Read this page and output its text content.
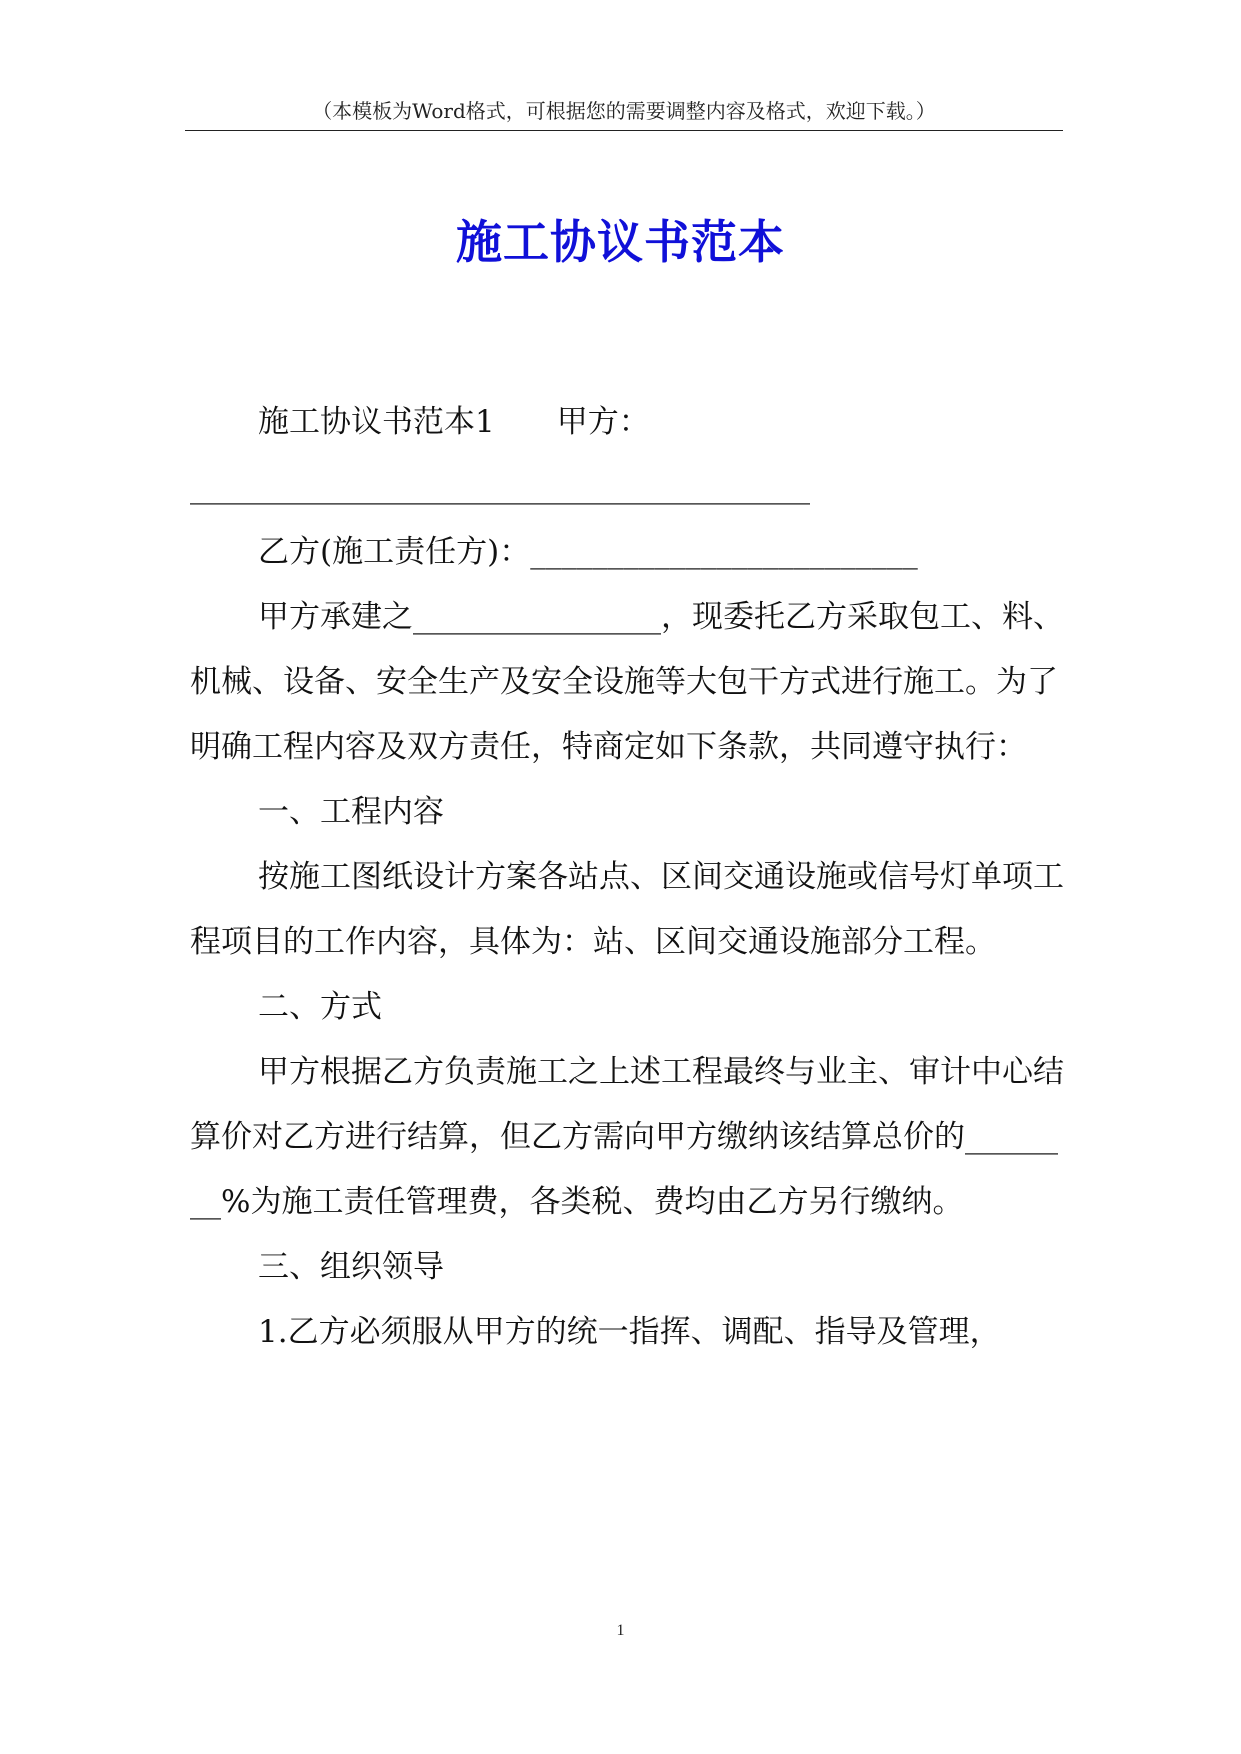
（本模板为Word格式，可根据您的需要调整内容及格式，欢迎下载。）
施工协议书范本

施工协议书范本1　　甲方：

________________________________________

乙方(施工责任方)：_________________________

甲方承建之________________，现委托乙方采取包工、料、机械、设备、安全生产及安全设施等大包干方式进行施工。为了明确工程内容及双方责任，特商定如下条款，共同遵守执行：

一、工程内容

按施工图纸设计方案各站点、区间交通设施或信号灯单项工程项目的工作内容，具体为：站、区间交通设施部分工程。

二、方式

甲方根据乙方负责施工之上述工程最终与业主、审计中心结算价对乙方进行结算，但乙方需向甲方缴纳该结算总价的________%为施工责任管理费，各类税、费均由乙方另行缴纳。

三、组织领导

1.乙方必须服从甲方的统一指挥、调配、指导及管理，

1
